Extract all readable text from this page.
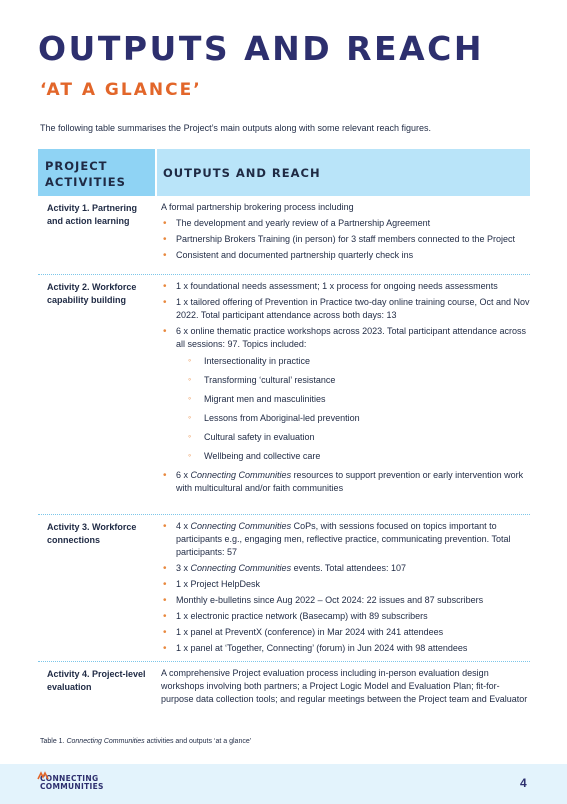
OUTPUTS AND REACH
‘AT A GLANCE’
The following table summarises the Project’s main outputs along with some relevant reach figures.
PROJECT ACTIVITIES
OUTPUTS AND REACH
Activity 1. Partnering and action learning
A formal partnership brokering process including
• The development and yearly review of a Partnership Agreement
• Partnership Brokers Training (in person) for 3 staff members connected to the Project
• Consistent and documented partnership quarterly check ins
Activity 2. Workforce capability building
• 1 x foundational needs assessment; 1 x process for ongoing needs assessments
• 1 x tailored offering of Prevention in Practice two-day online training course, Oct and Nov 2022. Total participant attendance across both days: 13
• 6 x online thematic practice workshops across 2023. Total participant attendance across all sessions: 97. Topics included:
◦ Intersectionality in practice
◦ Transforming ‘cultural’ resistance
◦ Migrant men and masculinities
◦ Lessons from Aboriginal-led prevention
◦ Cultural safety in evaluation
◦ Wellbeing and collective care
• 6 x Connecting Communities resources to support prevention or early intervention work with multicultural and/or faith communities
Activity 3. Workforce connections
• 4 x Connecting Communities CoPs, with sessions focused on topics important to participants e.g., engaging men, reflective practice, communicating prevention. Total participants: 57
• 3 x Connecting Communities events. Total attendees: 107
• 1 x Project HelpDesk
• Monthly e-bulletins since Aug 2022 – Oct 2024: 22 issues and 87 subscribers
• 1 x electronic practice network (Basecamp) with 89 subscribers
• 1 x panel at PreventX (conference) in Mar 2024 with 241 attendees
• 1 x panel at ‘Together, Connecting’ (forum) in Jun 2024 with 98 attendees
Activity 4. Project-level evaluation
A comprehensive Project evaluation process including in-person evaluation design workshops involving both partners; a Project Logic Model and Evaluation Plan; fit-for-purpose data collection tools; and regular meetings between the Project team and Evaluator
Table 1. Connecting Communities activities and outputs ‘at a glance’
CONNECTING
COMMUNITIES	4
